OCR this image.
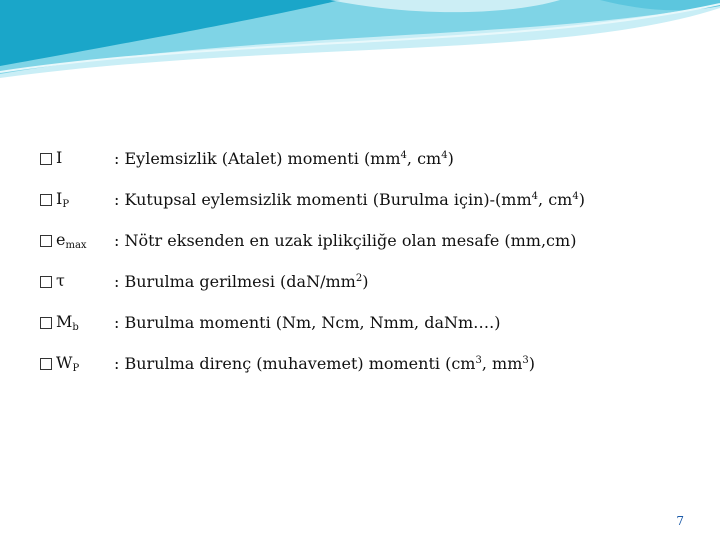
I	: Eylemsizlik (Atalet) momenti ($mm^4$, $cm^4$)
$I_P$	: Kutupsal eylemsizlik momenti (Burulma $için)-(mm^4$, $cm^4$)
$e_{max}$	: Nötr eksenden en uzak iplikçiliğe olan mesafe (mm,cm)
τ	: Burulma gerilmesi $(daN/mm^2)$
$M_b$	: Burulma momenti (Nm, Ncm, Nmm, daNm….)
$W_P$	: Burulma direnç (muhavemet) momenti ($cm^3$, $mm^3$)
7
